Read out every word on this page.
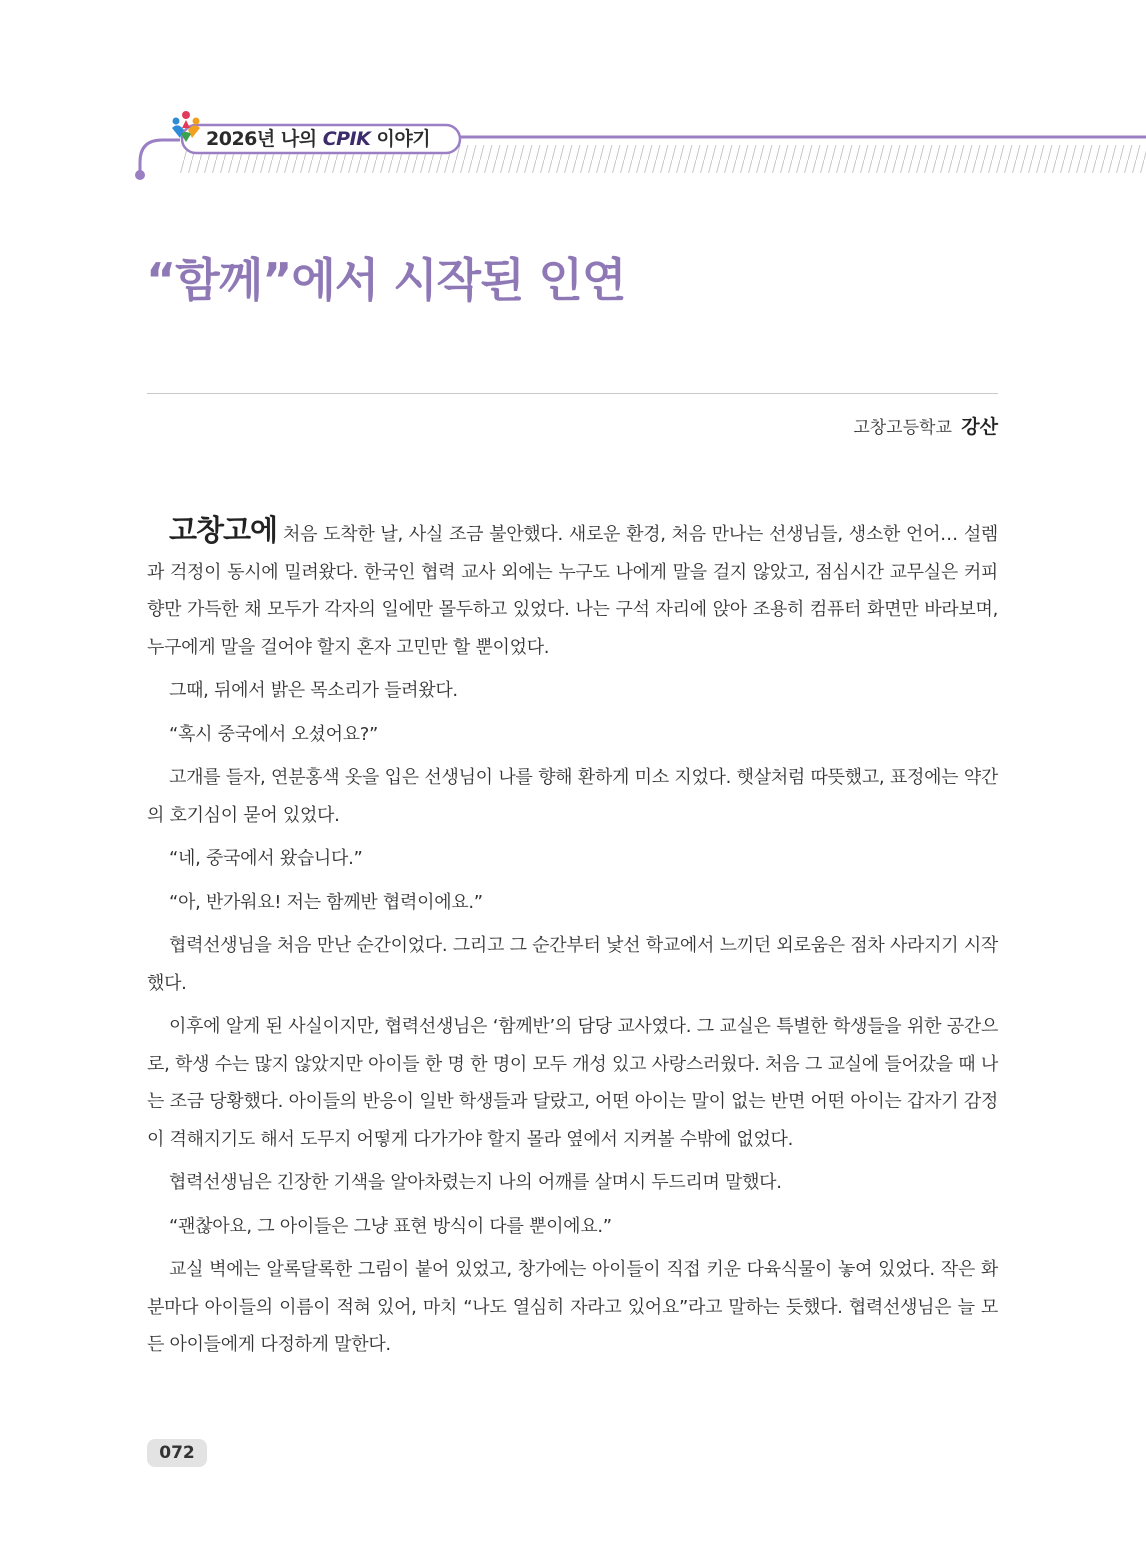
2026년 나의 CPIK 이야기
“함께”에서 시작된 인연
고창고등학교 강산

고창고에 처음 도착한 날, 사실 조금 불안했다. 새로운 환경, 처음 만나는 선생님들, 생소한 언어… 설렘과 걱정이 동시에 밀려왔다. 한국인 협력 교사 외에는 누구도 나에게 말을 걸지 않았고, 점심시간 교무실은 커피 향만 가득한 채 모두가 각자의 일에만 몰두하고 있었다. 나는 구석 자리에 앉아 조용히 컴퓨터 화면만 바라보며, 누구에게 말을 걸어야 할지 혼자 고민만 할 뿐이었다.

그때, 뒤에서 밝은 목소리가 들려왔다.

“혹시 중국에서 오셨어요?”

고개를 들자, 연분홍색 옷을 입은 선생님이 나를 향해 환하게 미소 지었다. 햇살처럼 따뜻했고, 표정에는 약간의 호기심이 묻어 있었다.

“네, 중국에서 왔습니다.”

“아, 반가워요! 저는 함께반 협력이에요.”

협력선생님을 처음 만난 순간이었다. 그리고 그 순간부터 낯선 학교에서 느끼던 외로움은 점차 사라지기 시작했다.

이후에 알게 된 사실이지만, 협력선생님은 ‘함께반’의 담당 교사였다. 그 교실은 특별한 학생들을 위한 공간으로, 학생 수는 많지 않았지만 아이들 한 명 한 명이 모두 개성 있고 사랑스러웠다. 처음 그 교실에 들어갔을 때 나는 조금 당황했다. 아이들의 반응이 일반 학생들과 달랐고, 어떤 아이는 말이 없는 반면 어떤 아이는 갑자기 감정이 격해지기도 해서 도무지 어떻게 다가가야 할지 몰라 옆에서 지켜볼 수밖에 없었다.

협력선생님은 긴장한 기색을 알아차렸는지 나의 어깨를 살며시 두드리며 말했다.

“괜찮아요, 그 아이들은 그냥 표현 방식이 다를 뿐이에요.”

교실 벽에는 알록달록한 그림이 붙어 있었고, 창가에는 아이들이 직접 키운 다육식물이 놓여 있었다. 작은 화분마다 아이들의 이름이 적혀 있어, 마치 “나도 열심히 자라고 있어요”라고 말하는 듯했다. 협력선생님은 늘 모든 아이들에게 다정하게 말한다.

072
